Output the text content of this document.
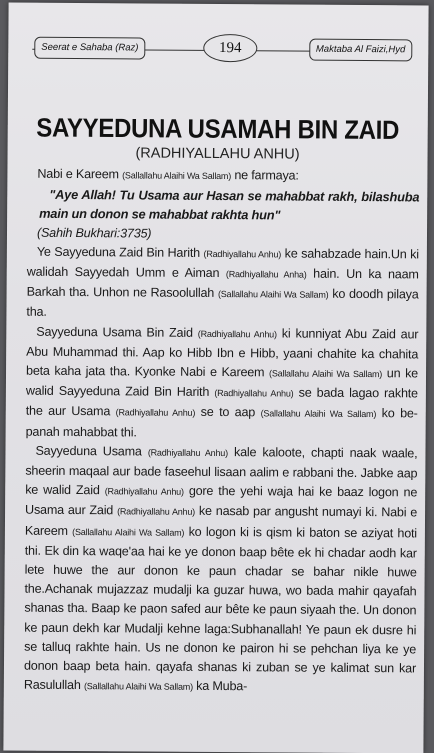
Seerat e Sahaba (Raz)	194	Maktaba Al Faizi,Hyd
SAYYEDUNA USAMAH BIN ZAID
(RADHIYALLAHU ANHU)

Nabi e Kareem (Sallallahu Alaihi Wa Sallam) ne farmaya:

"Aye Allah! Tu Usama aur Hasan se mahabbat rakh, bilashuba main un donon se mahabbat rakhta hun"

(Sahih Bukhari:3735)

Ye Sayyeduna Zaid Bin Harith (Radhiyallahu Anhu) ke sahabzade hain.Un ki walidah Sayyedah Umm e Aiman (Radhiyallahu Anha) hain. Un ka naam Barkah tha. Unhon ne Rasoolullah (Sallallahu Alaihi Wa Sallam) ko doodh pilaya tha.

Sayyeduna Usama Bin Zaid (Radhiyallahu Anhu) ki kunniyat Abu Zaid aur Abu Muhammad thi. Aap ko Hibb Ibn e Hibb, yaani chahite ka chahita beta kaha jata tha. Kyonke Nabi e Kareem (Sallallahu Alaihi Wa Sallam) un ke walid Sayyeduna Zaid Bin Harith (Radhiyallahu Anhu) se bada lagao rakhte the aur Usama (Radhiyallahu Anhu) se to aap (Sallallahu Alaihi Wa Sallam) ko be-panah mahabbat thi.

Sayyeduna Usama (Radhiyallahu Anhu) kale kaloote, chapti naak waale, sheerin maqaal aur bade faseehul lisaan aalim e rabbani the. Jabke aap ke walid Zaid (Radhiyallahu Anhu) gore the yehi waja hai ke baaz logon ne Usama aur Zaid (Radhiyallahu Anhu) ke nasab par angusht numayi ki. Nabi e Kareem (Sallallahu Alaihi Wa Sallam) ko logon ki is qism ki baton se aziyat hoti thi. Ek din ka waqe'aa hai ke ye donon baap bête ek hi chadar aodh kar lete huwe the aur donon ke paun chadar se bahar nikle huwe the.Achanak mujazzaz mudalji ka guzar huwa, wo bada mahir qayafah shanas tha. Baap ke paon safed aur bête ke paun siyaah the. Un donon ke paun dekh kar Mudalji kehne laga:Subhanallah! Ye paun ek dusre hi se talluq rakhte hain. Us ne donon ke pairon hi se pehchan liya ke ye donon baap beta hain. qayafa shanas ki zuban se ye kalimat sun kar Rasulullah (Sallallahu Alaihi Wa Sallam) ka Muba-
